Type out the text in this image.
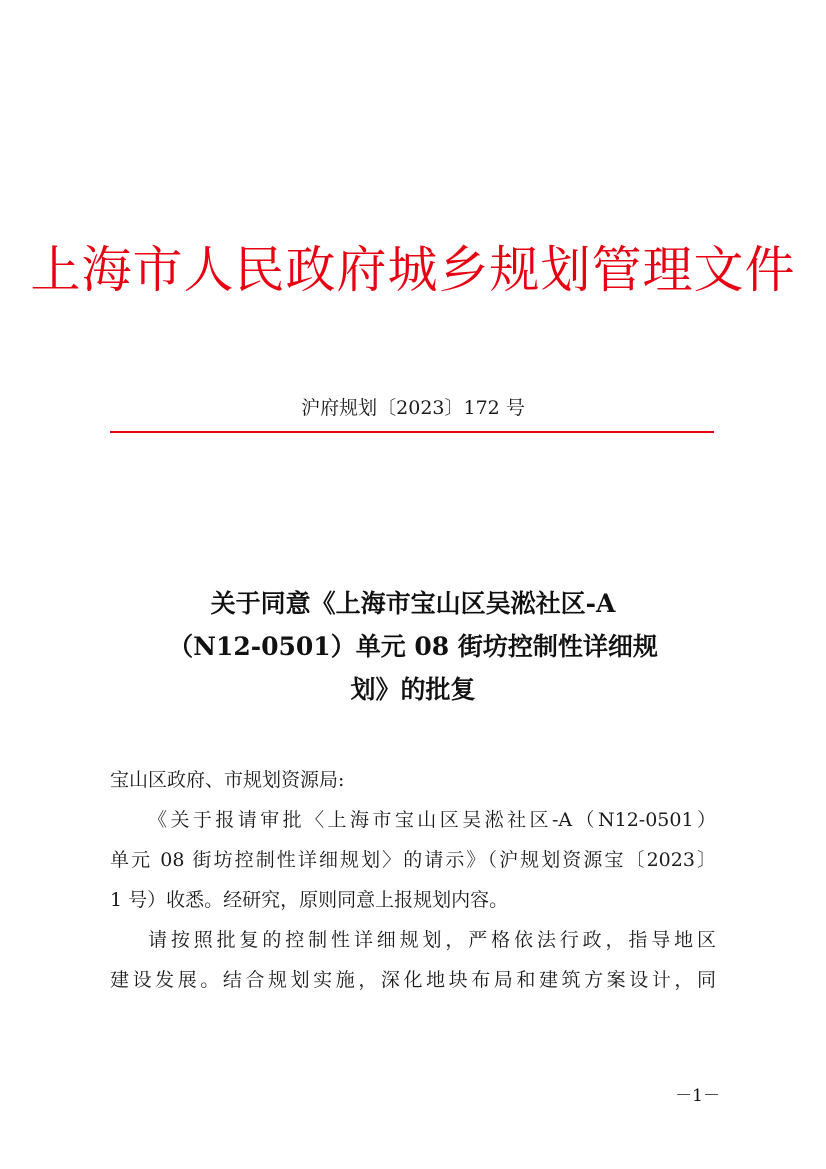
上海市人民政府城乡规划管理文件
沪府规划〔2023〕172 号
关于同意《上海市宝山区吴淞社区-A
（N12-0501）单元 08 街坊控制性详细规
划》的批复
宝山区政府、市规划资源局:
《关于报请审批〈上海市宝山区吴淞社区-A（N12-0501）
单元 08 街坊控制性详细规划〉的请示》（沪规划资源宝〔2023〕
1 号）收悉。经研究，原则同意上报规划内容。
请按照批复的控制性详细规划，严格依法行政，指导地区
建设发展。结合规划实施，深化地块布局和建筑方案设计，同
－1－
